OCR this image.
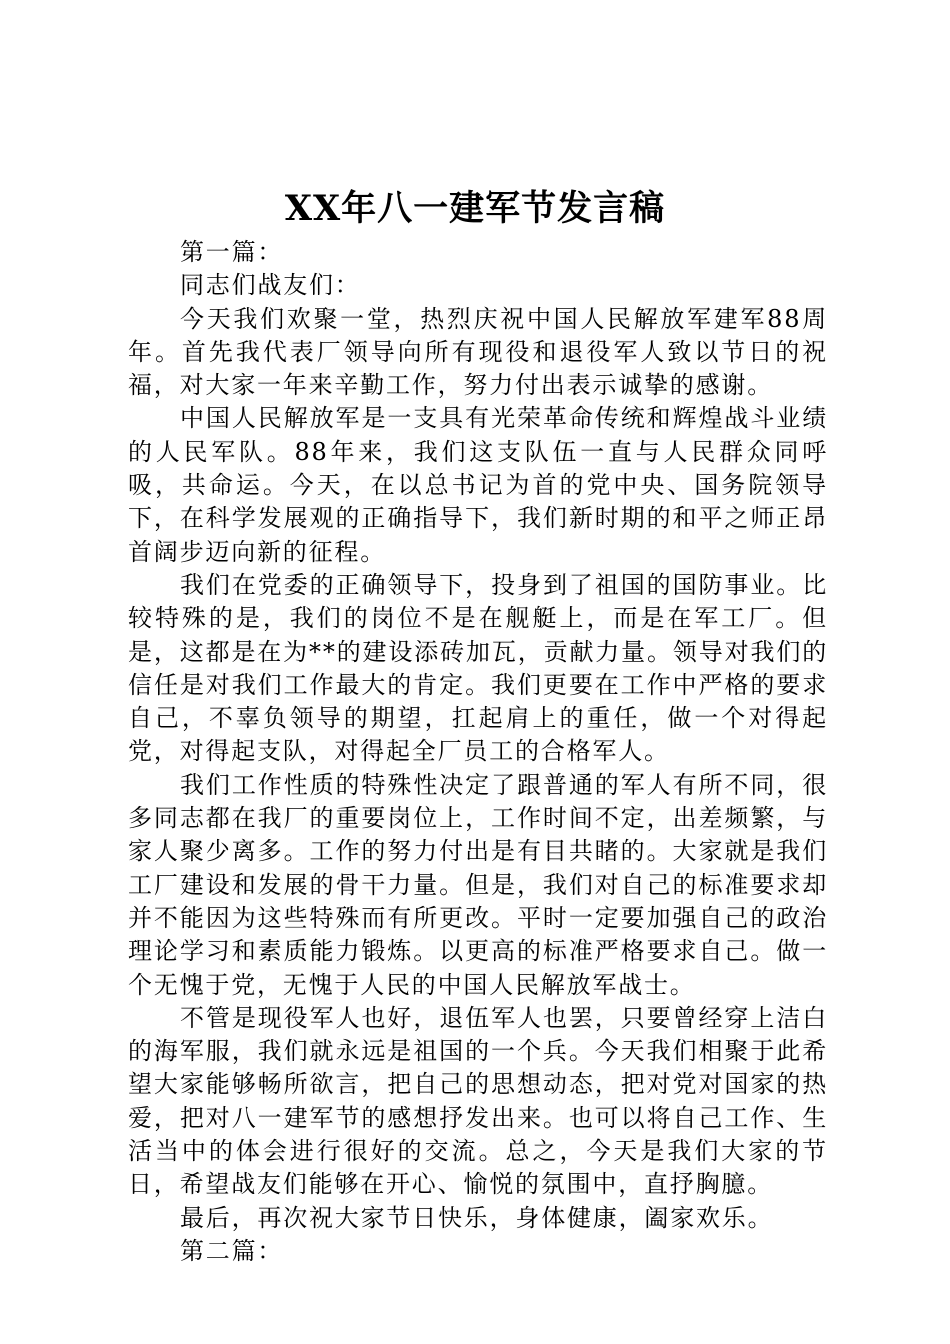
XX年八一建军节发言稿

第一篇：

同志们战友们：

今天我们欢聚一堂，热烈庆祝中国人民解放军建军88周年。首先我代表厂领导向所有现役和退役军人致以节日的祝福，对大家一年来辛勤工作，努力付出表示诚挚的感谢。

中国人民解放军是一支具有光荣革命传统和辉煌战斗业绩的人民军队。88年来，我们这支队伍一直与人民群众同呼吸，共命运。今天，在以总书记为首的党中央、国务院领导下，在科学发展观的正确指导下，我们新时期的和平之师正昂首阔步迈向新的征程。

我们在党委的正确领导下，投身到了祖国的国防事业。比较特殊的是，我们的岗位不是在舰艇上，而是在军工厂。但是，这都是在为**的建设添砖加瓦，贡献力量。领导对我们的信任是对我们工作最大的肯定。我们更要在工作中严格的要求自己，不辜负领导的期望，扛起肩上的重任，做一个对得起党，对得起支队，对得起全厂员工的合格军人。

我们工作性质的特殊性决定了跟普通的军人有所不同，很多同志都在我厂的重要岗位上，工作时间不定，出差频繁，与家人聚少离多。工作的努力付出是有目共睹的。大家就是我们工厂建设和发展的骨干力量。但是，我们对自己的标准要求却并不能因为这些特殊而有所更改。平时一定要加强自己的政治理论学习和素质能力锻炼。以更高的标准严格要求自己。做一个无愧于党，无愧于人民的中国人民解放军战士。

不管是现役军人也好，退伍军人也罢，只要曾经穿上洁白的海军服，我们就永远是祖国的一个兵。今天我们相聚于此希望大家能够畅所欲言，把自己的思想动态，把对党对国家的热爱，把对八一建军节的感想抒发出来。也可以将自己工作、生活当中的体会进行很好的交流。总之，今天是我们大家的节日，希望战友们能够在开心、愉悦的氛围中，直抒胸臆。

最后，再次祝大家节日快乐，身体健康，阖家欢乐。

第二篇：
